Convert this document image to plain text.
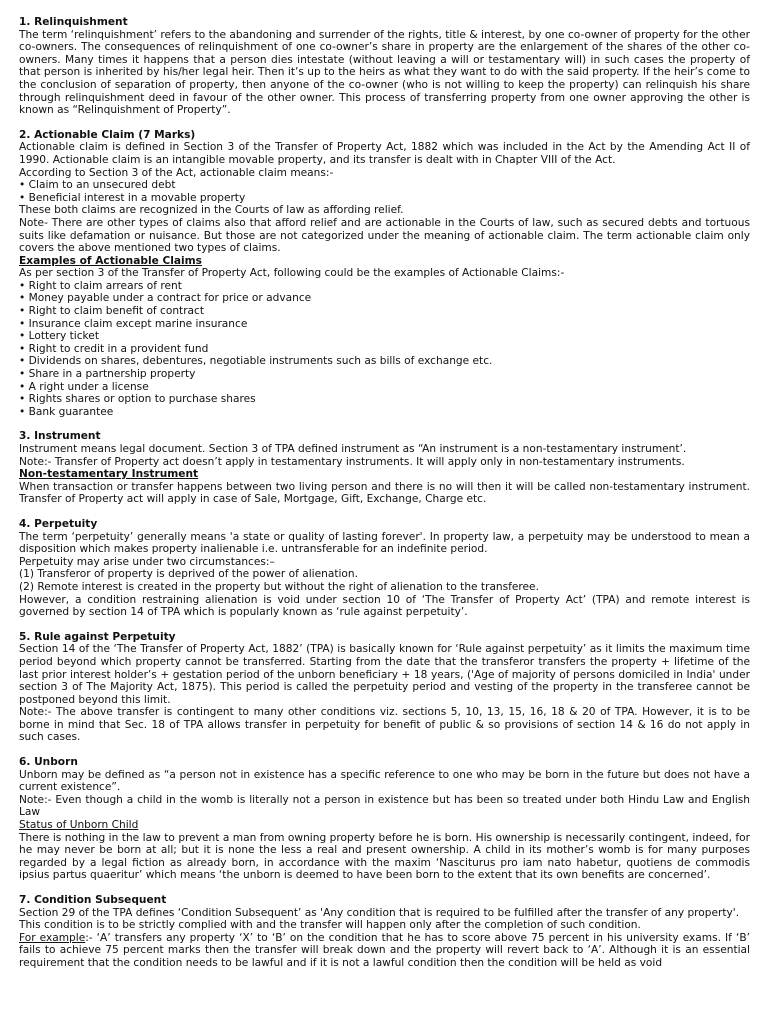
1. Relinquishment

The term ‘relinquishment’ refers to the abandoning and surrender of the rights, title & interest, by one co-owner of property for the other co-owners. The consequences of relinquishment of one co-owner’s share in property are the enlargement of the shares of the other co-owners. Many times it happens that a person dies intestate (without leaving a will or testamentary will) in such cases the property of that person is inherited by his/her legal heir. Then it’s up to the heirs as what they want to do with the said property. If the heir’s come to the conclusion of separation of property, then anyone of the co-owner (who is not willing to keep the property) can relinquish his share through relinquishment deed in favour of the other owner. This process of transferring property from one owner approving the other is known as “Relinquishment of Property”.

2. Actionable Claim (7 Marks)

Actionable claim is defined in Section 3 of the Transfer of Property Act, 1882 which was included in the Act by the Amending Act II of 1990. Actionable claim is an intangible movable property, and its transfer is dealt with in Chapter VIII of the Act.

According to Section 3 of the Act, actionable claim means:-

• Claim to an unsecured debt
• Beneficial interest in a movable property

These both claims are recognized in the Courts of law as affording relief.

Note- There are other types of claims also that afford relief and are actionable in the Courts of law, such as secured debts and tortuous suits like defamation or nuisance. But those are not categorized under the meaning of actionable claim. The term actionable claim only covers the above mentioned two types of claims.

Examples of Actionable Claims

As per section 3 of the Transfer of Property Act, following could be the examples of Actionable Claims:-

• Right to claim arrears of rent
• Money payable under a contract for price or advance
• Right to claim benefit of contract
• Insurance claim except marine insurance
• Lottery ticket
• Right to credit in a provident fund
• Dividends on shares, debentures, negotiable instruments such as bills of exchange etc.
• Share in a partnership property
• A right under a license
• Rights shares or option to purchase shares
• Bank guarantee
3. Instrument

Instrument means legal document. Section 3 of TPA defined instrument as “An instrument is a non-testamentary instrument’.

Note:- Transfer of Property act doesn’t apply in testamentary instruments. It will apply only in non-testamentary instruments.

Non-testamentary Instrument

When transaction or transfer happens between two living person and there is no will then it will be called non-testamentary instrument. Transfer of Property act will apply in case of Sale, Mortgage, Gift, Exchange, Charge etc.

4. Perpetuity

The term ‘perpetuity’ generally means 'a state or quality of lasting forever'. In property law, a perpetuity may be understood to mean a disposition which makes property inalienable i.e. untransferable for an indefinite period.

Perpetuity may arise under two circumstances:–

(1) Transferor of property is deprived of the power of alienation.

(2) Remote interest is created in the property but without the right of alienation to the transferee.

However, a condition restraining alienation is void under section 10 of ‘The Transfer of Property Act’ (TPA) and remote interest is governed by section 14 of TPA which is popularly known as ‘rule against perpetuity’.

5. Rule against Perpetuity

Section 14 of the ‘The Transfer of Property Act, 1882’ (TPA) is basically known for ‘Rule against perpetuity’ as it limits the maximum time period beyond which property cannot be transferred. Starting from the date that the transferor transfers the property + lifetime of the last prior interest holder’s + gestation period of the unborn beneficiary + 18 years, ('Age of majority of persons domiciled in India' under section 3 of The Majority Act, 1875). This period is called the perpetuity period and vesting of the property in the transferee cannot be postponed beyond this limit.

Note:- The above transfer is contingent to many other conditions viz. sections 5, 10, 13, 15, 16, 18 & 20 of TPA. However, it is to be borne in mind that Sec. 18 of TPA allows transfer in perpetuity for benefit of public & so provisions of section 14 & 16 do not apply in such cases.

6. Unborn

Unborn may be defined as “a person not in existence has a specific reference to one who may be born in the future but does not have a current existence”.

Note:- Even though a child in the womb is literally not a person in existence but has been so treated under both Hindu Law and English Law

Status of Unborn Child

There is nothing in the law to prevent a man from owning property before he is born. His ownership is necessarily contingent, indeed, for he may never be born at all; but it is none the less a real and present ownership. A child in its mother’s womb is for many purposes regarded by a legal fiction as already born, in accordance with the maxim ‘Nasciturus pro iam nato habetur, quotiens de commodis ipsius partus quaeritur’ which means ‘the unborn is deemed to have been born to the extent that its own benefits are concerned’.

7. Condition Subsequent

Section 29 of the TPA defines ‘Condition Subsequent’ as 'Any condition that is required to be fulfilled after the transfer of any property'.

This condition is to be strictly complied with and the transfer will happen only after the completion of such condition.

For example:- ‘A’ transfers any property ‘X’ to ‘B’ on the condition that he has to score above 75 percent in his university exams. If ‘B’ fails to achieve 75 percent marks then the transfer will break down and the property will revert back to ‘A’. Although it is an essential requirement that the condition needs to be lawful and if it is not a lawful condition then the condition will be held as void
